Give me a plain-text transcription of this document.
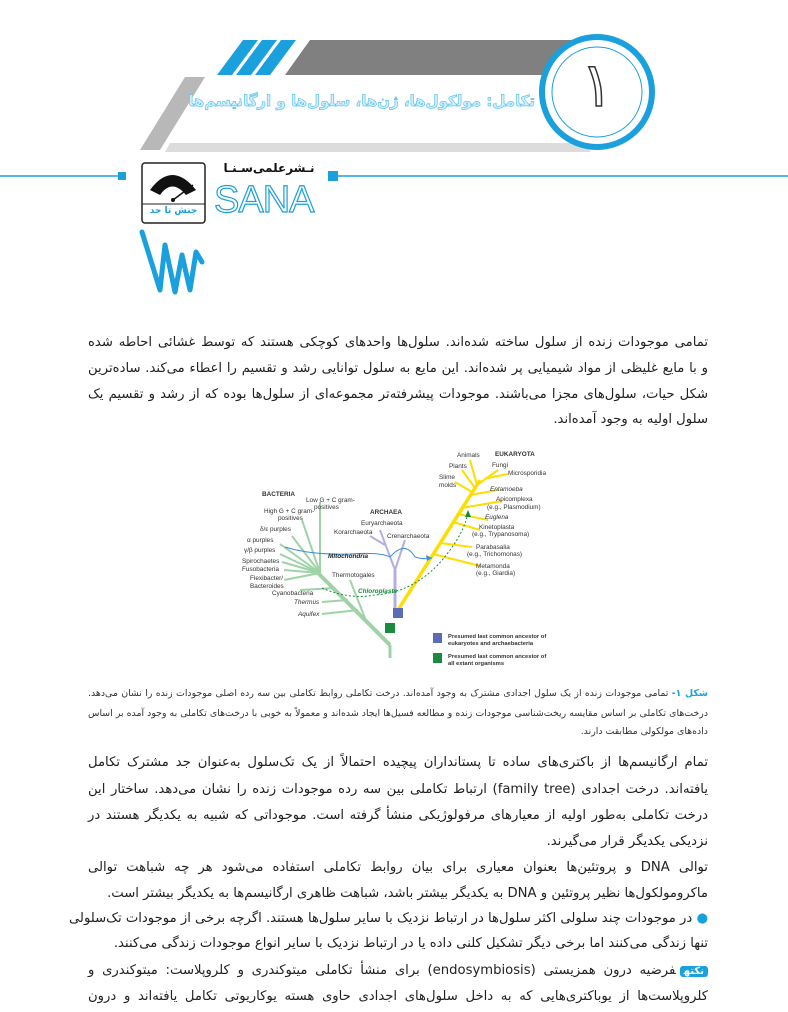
۱
تکامل: مولکول‌ها، ژن‌ها، سلول‌ها و ارگانیسم‌ها
نـشرعلمی‌سـنـا
SANA
جنش تا حد
تمامی موجودات زنده از سلول ساخته شده‌اند. سلول‌ها واحدهای کوچکی هستند که توسط غشائی احاطه شده
و با مایع غلیظی از مواد شیمیایی پر شده‌اند. این مایع به سلول توانایی رشد و تقسیم را اعطاء می‌کند. ساده‌ترین
شکل حیات، سلول‌های مجزا می‌باشند. موجودات پیشرفته‌تر مجموعه‌ای از سلول‌ها بوده که از رشد و تقسیم یک
سلول اولیه به وجود آمده‌اند.
BACTERIA
ARCHAEA
EUKARYOTA
Animals
Plants	Fungi
Microsporidia
Slime
molds
Entamoeba
Apicomplexa
(e.g., Plasmodium)
Euglena
Kinetoplasta
(e.g., Trypanosoma)
Parabasalia
(e.g., Trichomonas)
Metamonda
(e.g., Giardia)
Low G + C gram-
positives
High G + C gram-
positives
δ/ε purples
α purples
γ/β purples
Spirochaetes
Fusobacteria
Flexibacter/
Bacteroides
Cyanobacteria
Thermus
Aquifex
Thermotogales
Euryarchaeota
Korarchaeota
Crenarchaeota
Mitochondria
Chloroplasts
Presumed last common ancestor of
eukaryotes and archaebacteria
Presumed last common ancestor of
all extant organisms
شکل ۱- تمامی موجودات زنده از یک سلول اجدادی مشترک به وجود آمده‌اند. درخت تکاملی روابط تکاملی بین سه رده اصلی موجودات زنده را نشان می‌دهد.
درخت‌های تکاملی بر اساس مقایسه ریخت‌شناسی موجودات زنده و مطالعه فسیل‌ها ایجاد شده‌اند و معمولاً به خوبی با درخت‌های تکاملی به وجود آمده بر اساس
داده‌های مولکولی مطابقت دارند.
تمام ارگانیسم‌ها از باکتری‌های ساده تا پستانداران پیچیده احتمالاً از یک تک‌سلول به‌عنوان جد مشترک تکامل
یافته‌اند. درخت اجدادی (family tree) ارتباط تکاملی بین سه رده موجودات زنده را نشان می‌دهد. ساختار این
درخت تکاملی به‌طور اولیه از معیارهای مرفولوژیکی منشأ گرفته است. موجوداتی که شبیه به یکدیگر هستند در
نزدیکی یکدیگر قرار می‌گیرند.
توالی DNA و پروتئین‌ها بعنوان معیاری برای بیان روابط تکاملی استفاده می‌شود هر چه شباهت توالی
ماکرومولکول‌ها نظیر پروتئین و DNA به یکدیگر بیشتر باشد، شباهت ظاهری ارگانیسم‌ها به یکدیگر بیشتر است.
● در موجودات چند سلولی اکثر سلول‌ها در ارتباط نزدیک با سایر سلول‌ها هستند. اگرچه برخی از موجودات تک‌سلولی
تنها زندگی می‌کنند اما برخی دیگر تشکیل کلنی داده یا در ارتباط نزدیک با سایر انواع موجودات زندگی می‌کنند.
نکتهفرضیه درون همزیستی (endosymbiosis) برای منشأ تکاملی میتوکندری و کلروپلاست: میتوکندری و
کلروپلاست‌ها از یوباکتری‌هایی که به داخل سلول‌های اجدادی حاوی هسته یوکاریوتی تکامل یافته‌اند و درون
